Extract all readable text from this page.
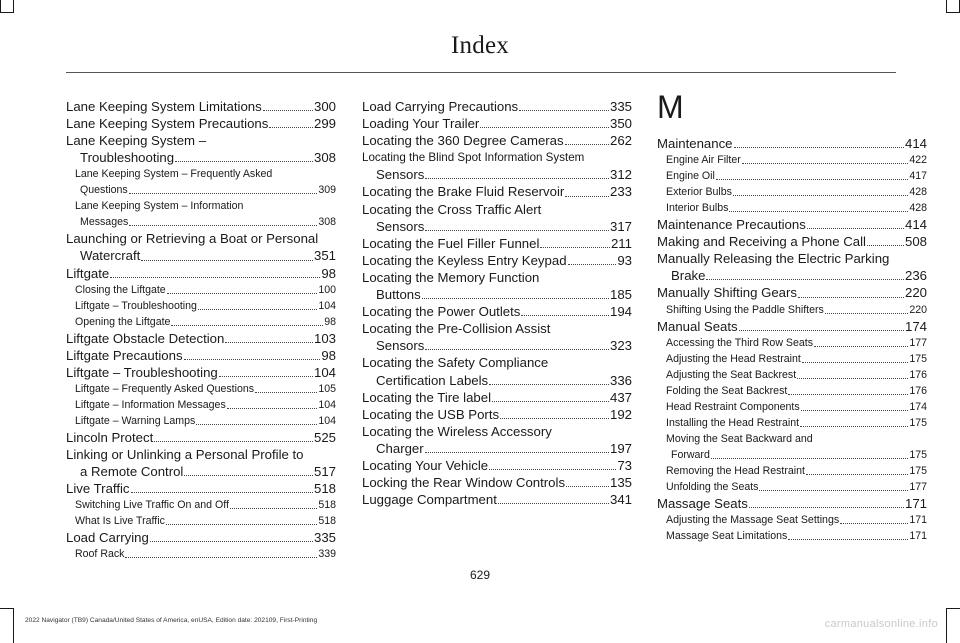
Index
Lane Keeping System Limitations	300
Lane Keeping System Precautions	299
Lane Keeping System –
Troubleshooting	308
Lane Keeping System – Frequently Asked
Questions	309
Lane Keeping System – Information
Messages	308
Launching or Retrieving a Boat or Personal
Watercraft	351
Liftgate	98
Closing the Liftgate	100
Liftgate – Troubleshooting	104
Opening the Liftgate	98
Liftgate Obstacle Detection	103
Liftgate Precautions	98
Liftgate – Troubleshooting	104
Liftgate – Frequently Asked Questions	105
Liftgate – Information Messages	104
Liftgate – Warning Lamps	104
Lincoln Protect	525
Linking or Unlinking a Personal Profile to
a Remote Control	517
Live Traffic	518
Switching Live Traffic On and Off	518
What Is Live Traffic	518
Load Carrying	335
Roof Rack	339
Load Carrying Precautions	335
Loading Your Trailer	350
Locating the 360 Degree Cameras	262
Locating the Blind Spot Information System
Sensors	312
Locating the Brake Fluid Reservoir	233
Locating the Cross Traffic Alert
Sensors	317
Locating the Fuel Filler Funnel	211
Locating the Keyless Entry Keypad	93
Locating the Memory Function
Buttons	185
Locating the Power Outlets	194
Locating the Pre-Collision Assist
Sensors	323
Locating the Safety Compliance
Certification Labels	336
Locating the Tire label	437
Locating the USB Ports	192
Locating the Wireless Accessory
Charger	197
Locating Your Vehicle	73
Locking the Rear Window Controls	135
Luggage Compartment	341
M
Maintenance	414
Engine Air Filter	422
Engine Oil	417
Exterior Bulbs	428
Interior Bulbs	428
Maintenance Precautions	414
Making and Receiving a Phone Call	508
Manually Releasing the Electric Parking
Brake	236
Manually Shifting Gears	220
Shifting Using the Paddle Shifters	220
Manual Seats	174
Accessing the Third Row Seats	177
Adjusting the Head Restraint	175
Adjusting the Seat Backrest	176
Folding the Seat Backrest	176
Head Restraint Components	174
Installing the Head Restraint	175
Moving the Seat Backward and
Forward	175
Removing the Head Restraint	175
Unfolding the Seats	177
Massage Seats	171
Adjusting the Massage Seat Settings	171
Massage Seat Limitations	171
629
2022 Navigator (TB9) Canada/United States of America, enUSA, Edition date: 202109, First-Printing	carmanualsonline.info
